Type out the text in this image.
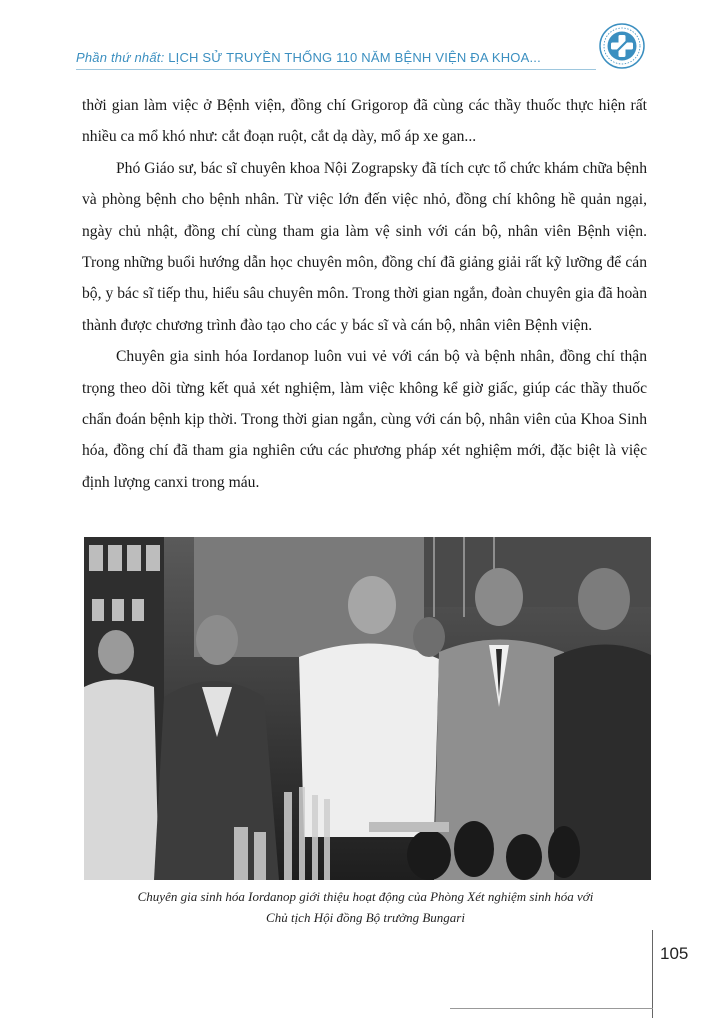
Phần thứ nhất: LỊCH SỬ TRUYỀN THỐNG 110 NĂM BỆNH VIỆN ĐA KHOA...

thời gian làm việc ở Bệnh viện, đồng chí Grigorop đã cùng các thầy thuốc thực hiện rất nhiều ca mổ khó như: cắt đoạn ruột, cắt dạ dày, mổ áp xe gan...

Phó Giáo sư, bác sĩ chuyên khoa Nội Zograpsky đã tích cực tổ chức khám chữa bệnh và phòng bệnh cho bệnh nhân. Từ việc lớn đến việc nhỏ, đồng chí không hề quản ngại, ngày chủ nhật, đồng chí cùng tham gia làm vệ sinh với cán bộ, nhân viên Bệnh viện. Trong những buổi hướng dẫn học chuyên môn, đồng chí đã giảng giải rất kỹ lưỡng để cán bộ, y bác sĩ tiếp thu, hiểu sâu chuyên môn. Trong thời gian ngắn, đoàn chuyên gia đã hoàn thành được chương trình đào tạo cho các y bác sĩ và cán bộ, nhân viên Bệnh viện.

Chuyên gia sinh hóa Iordanop luôn vui vẻ với cán bộ và bệnh nhân, đồng chí thận trọng theo dõi từng kết quả xét nghiệm, làm việc không kể giờ giấc, giúp các thầy thuốc chẩn đoán bệnh kịp thời. Trong thời gian ngắn, cùng với cán bộ, nhân viên của Khoa Sinh hóa, đồng chí đã tham gia nghiên cứu các phương pháp xét nghiệm mới, đặc biệt là việc định lượng canxi trong máu.

Chuyên gia sinh hóa Iordanop giới thiệu hoạt động của Phòng Xét nghiệm sinh hóa với
Chủ tịch Hội đồng Bộ trưởng Bungari
105
